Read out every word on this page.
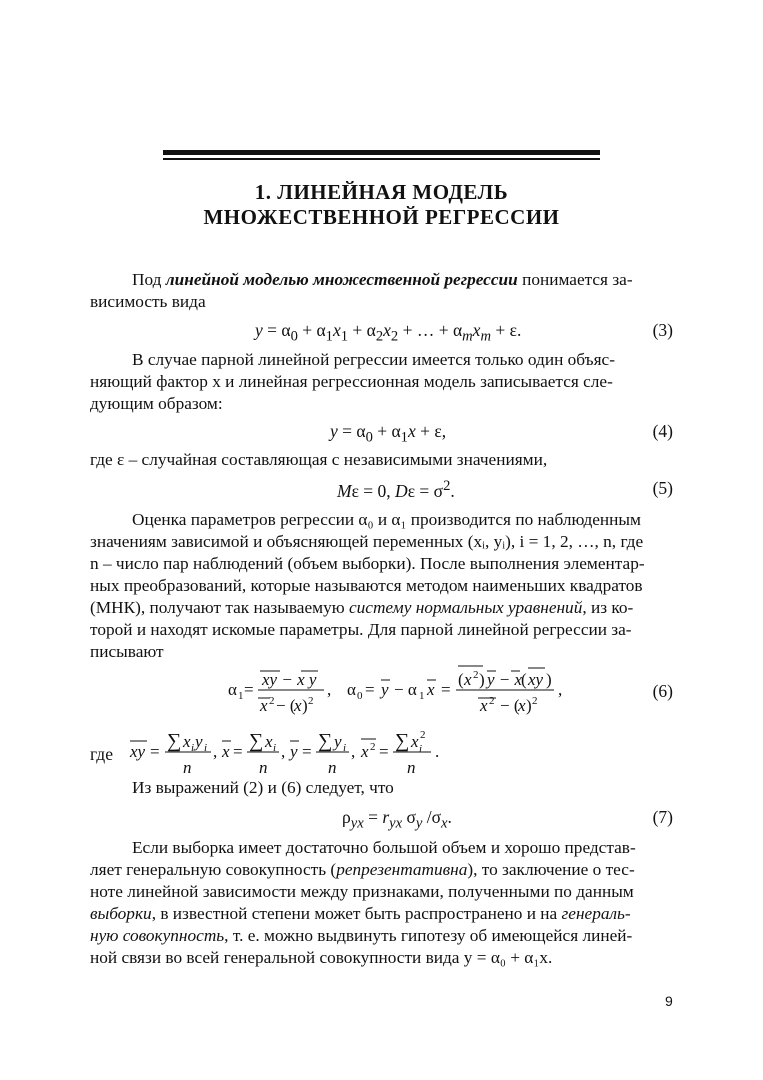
1. ЛИНЕЙНАЯ МОДЕЛЬ
МНОЖЕСТВЕННОЙ РЕГРЕССИИ
Под линейной моделью множественной регрессии понимается за-
висимость вида
$y = \alpha_0 + \alpha_1x_1 + \alpha_2x_2$ + … + $\alpha_mx_m + \varepsilon$.	(3)
В случае парной линейной регрессии имеется только один объяс-
няющий фактор x и линейная регрессионная модель записывается сле-
дующим образом:
$y = \alpha_0 + \alpha_1x + \varepsilon$,	(4)
где ε – случайная составляющая с независимыми значениями,
Mε = 0, $D\varepsilon = \sigma^2$.	(5)
Оценка параметров регрессии α₀ и α₁ производится по наблюденным
значениям зависимой и объясняющей переменных (xᵢ, yᵢ), i = 1, 2, …, n, где
n – число пар наблюдений (объем выборки). После выполнения элементар-
ных преобразований, которые называются методом наименьших квадратов
(МНК), получают так называемую систему нормальных уравнений, из ко-
торой и находят искомые параметры. Для парной линейной регрессии за-
писывают
α 1 =
xy − x y
x 2 − (
x ) 2
, α 0 = y − α 1 x =
( x 2 ) y − x
( xy )
x 2 − (
x ) 2
,	(6)
где xy = ∑ x i y i
n
, x = ∑ x i
n
, y = ∑ y i
n
, x 2 = ∑ x i
2
n
.
Из выражений (2) и (6) следует, что
$\rho_{yx} = r_{yx}$ $\sigma_y$ $/\sigma_x$.	(7)
Если выборка имеет достаточно большой объем и хорошо представ-
ляет генеральную совокупность (репрезентативна), то заключение о тес-
ноте линейной зависимости между признаками, полученными по данным
выборки, в известной степени может быть распространено и на генераль-
ную совокупность, т. е. можно выдвинуть гипотезу об имеющейся линей-
ной связи во всей генеральной совокупности вида y = α₀ + α₁x.
9
